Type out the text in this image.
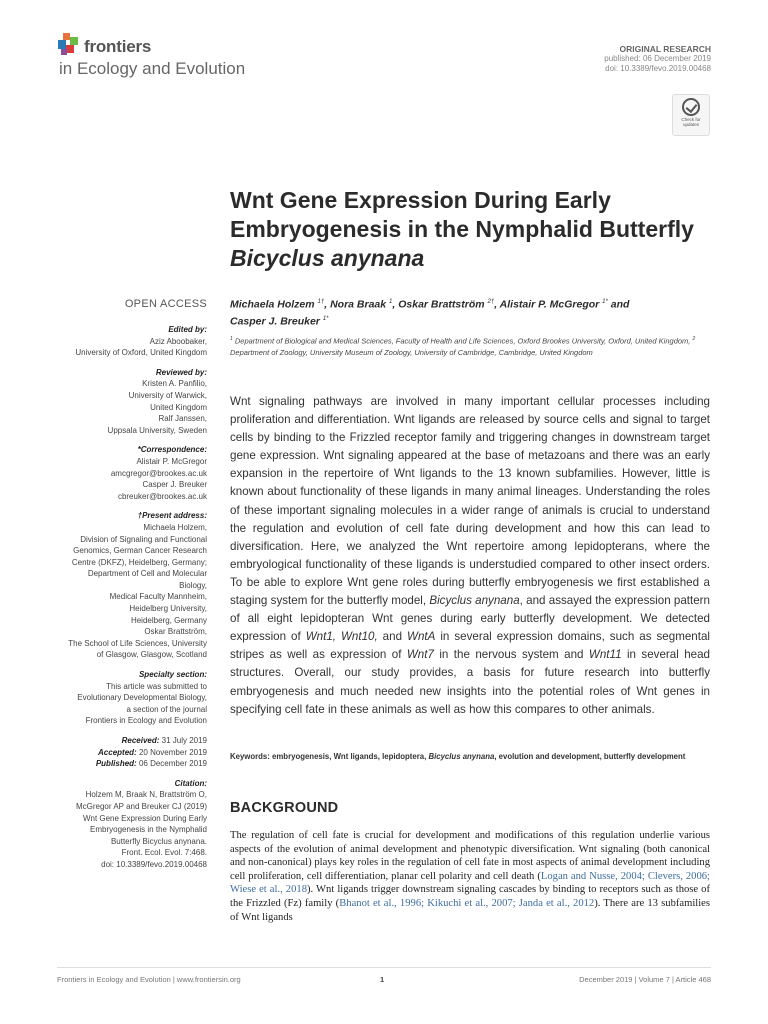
frontiers
in Ecology and Evolution
ORIGINAL RESEARCH
published: 06 December 2019
doi: 10.3389/fevo.2019.00468
Check for
updates
Wnt Gene Expression During Early Embryogenesis in the Nymphalid Butterfly Bicyclus anynana
Michaela Holzem $^{1\dagger}$, Nora Braak $^1$, Oskar Brattström $^{2\dagger}$, Alistair P. McGregor $^{1*}$ and
Casper J. Breuker $^{1*}$
$^1$ Department of Biological and Medical Sciences, Faculty of Health and Life Sciences, Oxford Brookes University, Oxford, United Kingdom, $^2$ Department of Zoology, University Museum of Zoology, University of Cambridge, Cambridge, United Kingdom
OPEN ACCESS
Edited by:
Aziz Aboobaker,
University of Oxford, United Kingdom
Reviewed by:
Kristen A. Panfilio,
University of Warwick,
United Kingdom
Ralf Janssen,
Uppsala University, Sweden
*Correspondence:
Alistair P. McGregor
amcgregor@brookes.ac.uk
Casper J. Breuker
cbreuker@brookes.ac.uk
†Present address:
Michaela Holzem,
Division of Signaling and Functional
Genomics, German Cancer Research
Centre (DKFZ), Heidelberg, Germany;
Department of Cell and Molecular
Biology,
Medical Faculty Mannheim,
Heidelberg University,
Heidelberg, Germany
Oskar Brattström,
The School of Life Sciences, University
of Glasgow, Glasgow, Scotland
Specialty section:
This article was submitted to
Evolutionary Developmental Biology,
a section of the journal
Frontiers in Ecology and Evolution
Received: 31 July 2019
Accepted: 20 November 2019
Published: 06 December 2019
Citation:
Holzem M, Braak N, Brattström O,
McGregor AP and Breuker CJ (2019)
Wnt Gene Expression During Early
Embryogenesis in the Nymphalid
Butterfly Bicyclus anynana.
Front. Ecol. Evol. 7:468.
doi: 10.3389/fevo.2019.00468
Wnt signaling pathways are involved in many important cellular processes including proliferation and differentiation. Wnt ligands are released by source cells and signal to target cells by binding to the Frizzled receptor family and triggering changes in downstream target gene expression. Wnt signaling appeared at the base of metazoans and there was an early expansion in the repertoire of Wnt ligands to the 13 known subfamilies. However, little is known about functionality of these ligands in many animal lineages. Understanding the roles of these important signaling molecules in a wider range of animals is crucial to understand the regulation and evolution of cell fate during development and how this can lead to diversification. Here, we analyzed the Wnt repertoire among lepidopterans, where the embryological functionality of these ligands is understudied compared to other insect orders. To be able to explore Wnt gene roles during butterfly embryogenesis we first established a staging system for the butterfly model, Bicyclus anynana, and assayed the expression pattern of all eight lepidopteran Wnt genes during early butterfly development. We detected expression of Wnt1, Wnt10, and WntA in several expression domains, such as segmental stripes as well as expression of Wnt7 in the nervous system and Wnt11 in several head structures. Overall, our study provides, a basis for future research into butterfly embryogenesis and much needed new insights into the potential roles of Wnt genes in specifying cell fate in these animals as well as how this compares to other animals.
Keywords: embryogenesis, Wnt ligands, lepidoptera, Bicyclus anynana, evolution and development, butterfly development
BACKGROUND
The regulation of cell fate is crucial for development and modifications of this regulation underlie various aspects of the evolution of animal development and phenotypic diversification. Wnt signaling (both canonical and non-canonical) plays key roles in the regulation of cell fate in most aspects of animal development including cell proliferation, cell differentiation, planar cell polarity and cell death (Logan and Nusse, 2004; Clevers, 2006; Wiese et al., 2018). Wnt ligands trigger downstream signaling cascades by binding to receptors such as those of the Frizzled (Fz) family (Bhanot et al., 1996; Kikuchi et al., 2007; Janda et al., 2012). There are 13 subfamilies of Wnt ligands
Frontiers in Ecology and Evolution | www.frontiersin.org	1	December 2019 | Volume 7 | Article 468
